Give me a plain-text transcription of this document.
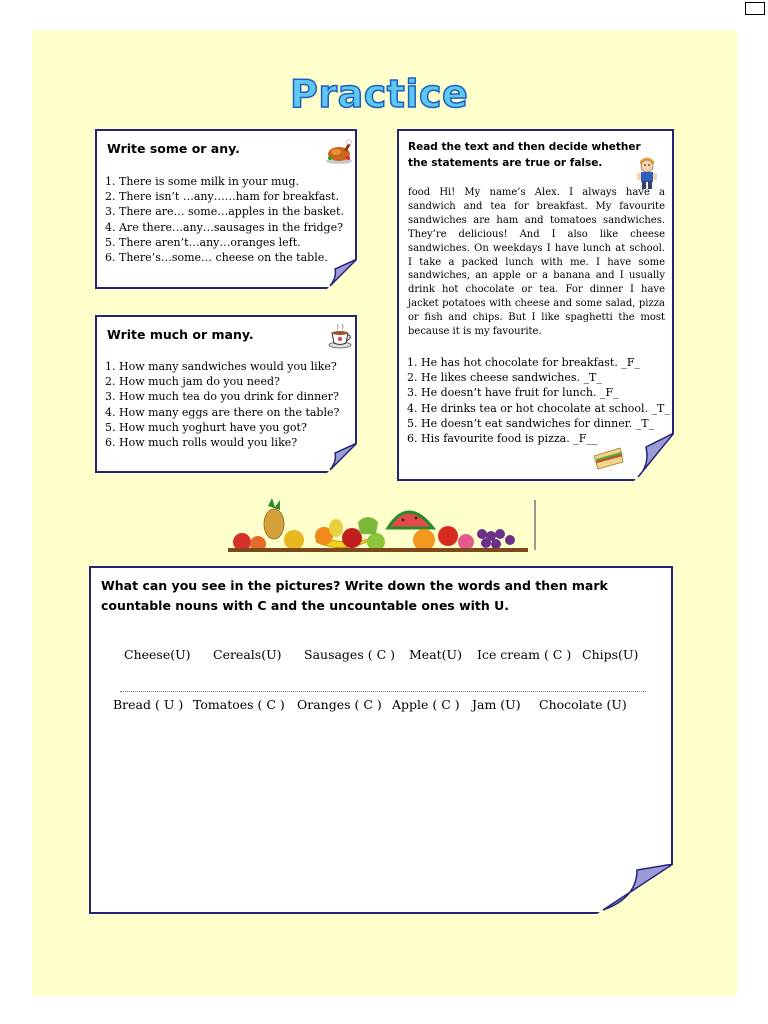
Practice
Write some or any.
1. There is some milk in your mug.
2. There isn’t …any……ham for breakfast.
3. There are… some…apples in the basket.
4. Are there…any…sausages in the fridge?
5. There aren’t…any…oranges left.
6. There’s…some… cheese on the table.
Write much or many.
1. How many sandwiches would you like?
2. How much jam do you need?
3. How much tea do you drink for dinner?
4. How many eggs are there on the table?
5. How much yoghurt have you got?
6. How much rolls would you like?
Read the text and then decide whether
the statements are true or false.

food Hi! My name’s Alex. I always have a sandwich and tea for breakfast. My favourite sandwiches are ham and tomatoes sandwiches. They’re delicious! And I also like cheese sandwiches. On weekdays I have lunch at school. I take a packed lunch with me. I have some sandwiches, an apple or a banana and I usually drink hot chocolate or tea. For dinner I have jacket potatoes with cheese and some salad, pizza or fish and chips. But I like spaghetti the most because it is my favourite.

1. He has hot chocolate for breakfast. _F_
2. He likes cheese sandwiches. _T_
3. He doesn’t have fruit for lunch. _F_
4. He drinks tea or hot chocolate at school. _T_
5. He doesn’t eat sandwiches for dinner. _T_
6. His favourite food is pizza. _F__
What can you see in the pictures? Write down the words and then mark
countable nouns with C and the uncountable ones with U.
Cheese(U) Cereals(U) Sausages ( C ) Meat(U) Ice cream ( C ) Chips(U)
Bread ( U ) Tomatoes ( C ) Oranges ( C ) Apple ( C ) Jam (U) Chocolate (U)
